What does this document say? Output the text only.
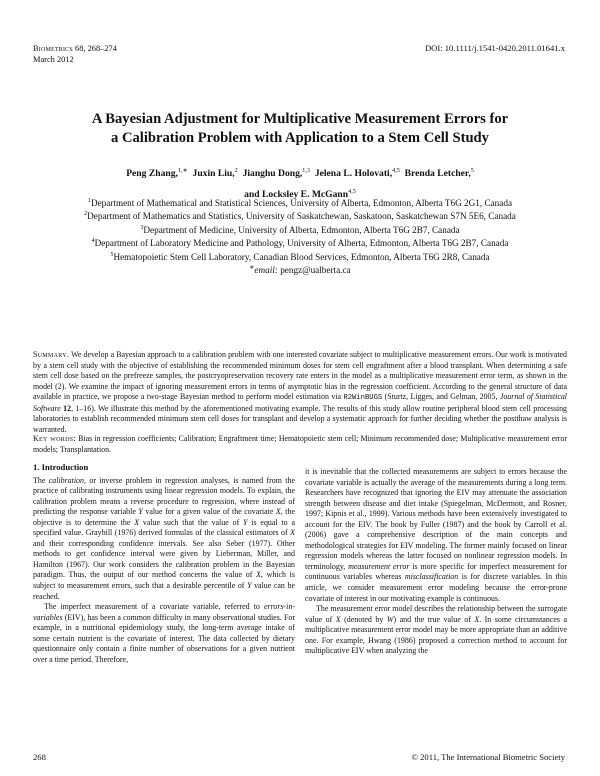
Biometrics 68, 268–274
March 2012
DOI: 10.1111/j.1541-0420.2011.01641.x
A Bayesian Adjustment for Multiplicative Measurement Errors for
a Calibration Problem with Application to a Stem Cell Study
Peng Zhang,$^{1,∗}$ Juxin Liu,$^2$ Jianghu Dong,$^{1,3}$ Jelena L. Holovati,$^{4,5}$ Brenda Letcher,$^5$
and Locksley E. McGann$^{4,5}$
$^1$Department of Mathematical and Statistical Sciences, University of Alberta, Edmonton, Alberta T6G 2G1, Canada
$^2$Department of Mathematics and Statistics, University of Saskatchewan, Saskatoon, Saskatchewan S7N 5E6, Canada
$^3$Department of Medicine, University of Alberta, Edmonton, Alberta T6G 2B7, Canada
$^4$Department of Laboratory Medicine and Pathology, University of Alberta, Edmonton, Alberta T6G 2B7, Canada
$^5$Hematopoietic Stem Cell Laboratory, Canadian Blood Services, Edmonton, Alberta T6G 2R8, Canada
∗email: pengz@ualberta.ca
Summary. We develop a Bayesian approach to a calibration problem with one interested covariate subject to multiplicative measurement errors. Our work is motivated by a stem cell study with the objective of establishing the recommended minimum doses for stem cell engraftment after a blood transplant. When determining a safe stem cell dose based on the prefreeze samples, the postcryopreservation recovery rate enters in the model as a multiplicative measurement error term, as shown in the model (2). We examine the impact of ignoring measurement errors in terms of asymptotic bias in the regression coefficient. According to the general structure of data available in practice, we propose a two-stage Bayesian method to perform model estimation via R2WinBUGS (Sturtz, Ligges, and Gelman, 2005, Journal of Statistical Software 12, 1–16). We illustrate this method by the aforementioned motivating example. The results of this study allow routine peripheral blood stem cell processing laboratories to establish recommended minimum stem cell doses for transplant and develop a systematic approach for further deciding whether the postthaw analysis is warranted.
Key words: Bias in regression coefficients; Calibration; Engraftment time; Hematopoietic stem cell; Minimum recommended dose; Multiplicative measurement error models; Transplantation.
1. Introduction

The calibration, or inverse problem in regression analyses, is named from the practice of calibrating instruments using linear regression models. To explain, the calibration problem means a reverse procedure to regression, where instead of predicting the response variable Y value for a given value of the covariate X, the objective is to determine the X value such that the value of Y is equal to a specified value. Graybill (1976) derived formulas of the classical estimators of X and their corresponding confidence intervals. See also Seber (1977). Other methods to get confidence interval were given by Lieberman, Miller, and Hamilton (1967). Our work considers the calibration problem in the Bayesian paradigm. Thus, the output of our method concerns the value of X, which is subject to measurement errors, such that a desirable percentile of Y value can be reached.

The imperfect measurement of a covariate variable, referred to errors-in-variables (EIV), has been a common difficulty in many observational studies. For example, in a nutritional epidemiology study, the long-term average intake of some certain nutrient is the covariate of interest. The data collected by dietary questionnaire only contain a finite number of observations for a given nutrient over a time period. Therefore,

it is inevitable that the collected measurements are subject to errors because the covariate variable is actually the average of the measurements during a long term. Researchers have recognized that ignoring the EIV may attenuate the association strength between disease and diet intake (Spiegelman, McDermott, and Rosner, 1997; Kipnis et al., 1999). Various methods have been extensively investigated to account for the EIV. The book by Fuller (1987) and the book by Carroll et al. (2006) gave a comprehensive description of the main concepts and methodological strategies for EIV modeling. The former mainly focused on linear regression models whereas the latter focused on nonlinear regression models. In terminology, measurement error is more specific for imperfect measurement for continuous variables whereas misclassification is for discrete variables. In this article, we consider measurement error modeling because the error-prone covariate of interest in our motivating example is continuous.

The measurement error model describes the relationship between the surrogate value of X (denoted by W) and the true value of X. In some circumstances a multiplicative measurement error model may be more appropriate than an additive one. For example, Hwang (1986) proposed a correction method to account for multiplicative EIV when analyzing the

268	© 2011, The International Biometric Society
